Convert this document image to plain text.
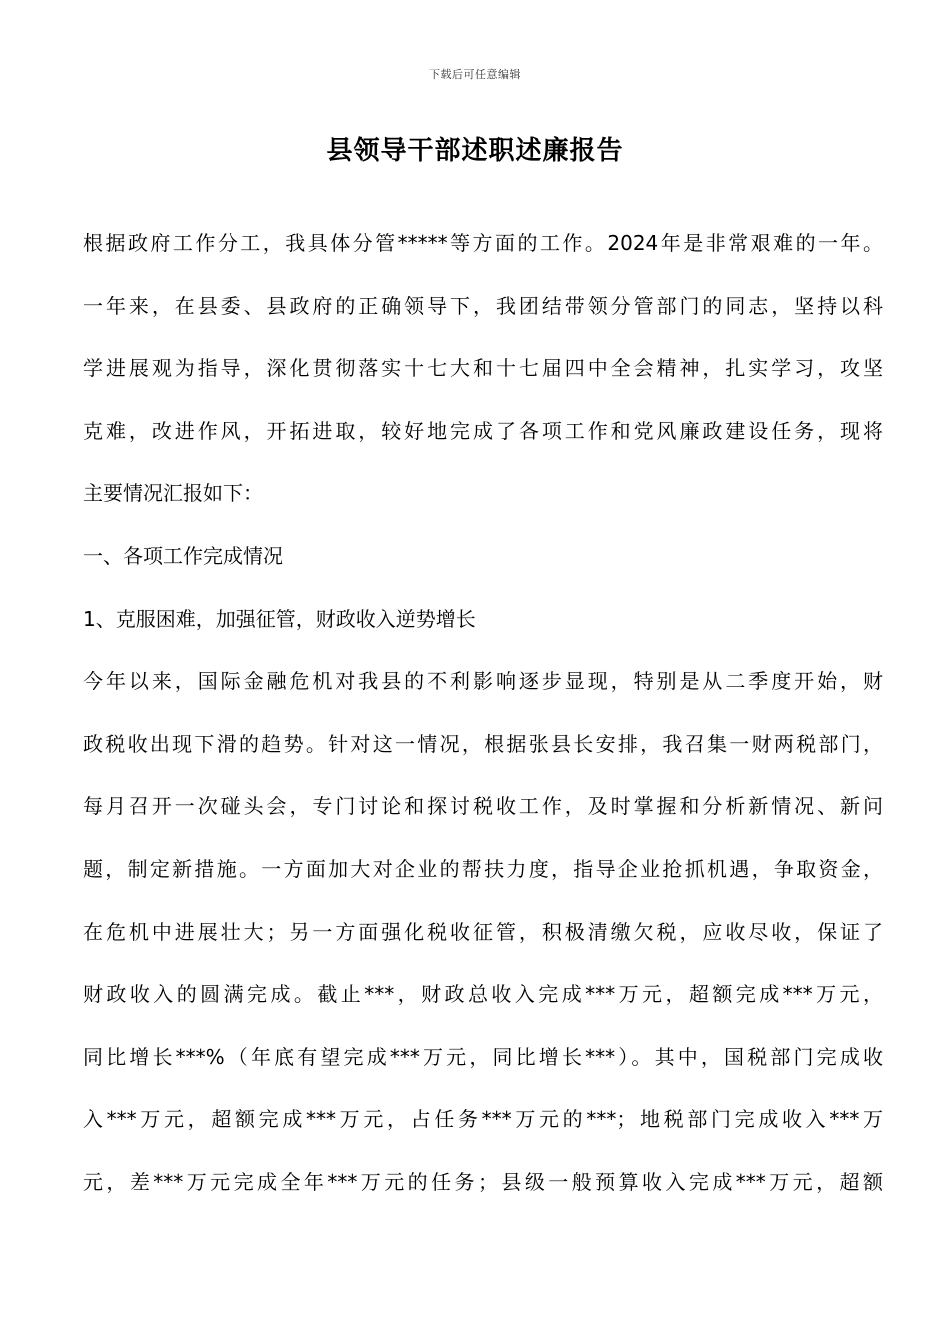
下载后可任意编辑
县领导干部述职述廉报告
根据政府工作分工，我具体分管*****等方面的工作。2024年是非常艰难的一年。
一年来，在县委、县政府的正确领导下，我团结带领分管部门的同志，坚持以科
学进展观为指导，深化贯彻落实十七大和十七届四中全会精神，扎实学习，攻坚
克难，改进作风，开拓进取，较好地完成了各项工作和党风廉政建设任务，现将
主要情况汇报如下：
一、各项工作完成情况
1、克服困难，加强征管，财政收入逆势增长
今年以来，国际金融危机对我县的不利影响逐步显现，特别是从二季度开始，财
政税收出现下滑的趋势。针对这一情况，根据张县长安排，我召集一财两税部门，
每月召开一次碰头会，专门讨论和探讨税收工作，及时掌握和分析新情况、新问
题，制定新措施。一方面加大对企业的帮扶力度，指导企业抢抓机遇，争取资金，
在危机中进展壮大；另一方面强化税收征管，积极清缴欠税，应收尽收，保证了
财政收入的圆满完成。截止***，财政总收入完成***万元，超额完成***万元，
同比增长***%（年底有望完成***万元，同比增长***）。其中，国税部门完成收
入***万元，超额完成***万元，占任务***万元的***；地税部门完成收入***万
元，差***万元完成全年***万元的任务；县级一般预算收入完成***万元，超额
